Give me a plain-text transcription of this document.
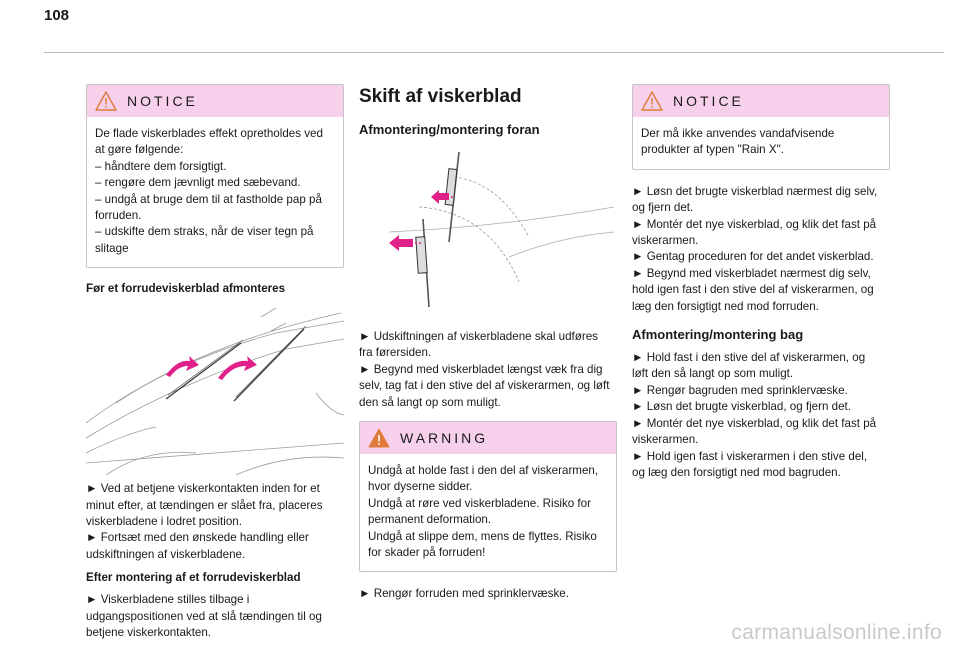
108
NOTICE
De flade viskerblades effekt opretholdes ved
at gøre følgende:
– håndtere dem forsigtigt.
– rengøre dem jævnligt med sæbevand.
– undgå at bruge dem til at fastholde pap på
forruden.
– udskifte dem straks, når de viser tegn på
slitage
Før et forrudeviskerblad afmonteres

► Ved at betjene viskerkontakten inden for et
minut efter, at tændingen er slået fra, placeres
viskerbladene i lodret position.
► Fortsæt med den ønskede handling eller
udskiftningen af viskerbladene.

Efter montering af et forrudeviskerblad

► Viskerbladene stilles tilbage i
udgangspositionen ved at slå tændingen til og
betjene viskerkontakten.

Skift af viskerblad
Afmontering/montering foran

► Udskiftningen af viskerbladene skal udføres
fra førersiden.
► Begynd med viskerbladet længst væk fra dig
selv, tag fat i den stive del af viskerarmen, og løft
den så langt op som muligt.

WARNING
Undgå at holde fast i den del af viskerarmen,
hvor dyserne sidder.
Undgå at røre ved viskerbladene. Risiko for
permanent deformation.
Undgå at slippe dem, mens de flyttes. Risiko
for skader på forruden!

► Rengør forruden med sprinklervæske.

NOTICE
Der må ikke anvendes vandafvisende
produkter af typen "Rain X".

► Løsn det brugte viskerblad nærmest dig selv,
og fjern det.
► Montér det nye viskerblad, og klik det fast på
viskerarmen.
► Gentag proceduren for det andet viskerblad.
► Begynd med viskerbladet nærmest dig selv,
hold igen fast i den stive del af viskerarmen, og
læg den forsigtigt ned mod forruden.

Afmontering/montering bag

► Hold fast i den stive del af viskerarmen, og
løft den så langt op som muligt.
► Rengør bagruden med sprinklervæske.
► Løsn det brugte viskerblad, og fjern det.
► Montér det nye viskerblad, og klik det fast på
viskerarmen.
► Hold igen fast i viskerarmen i den stive del,
og læg den forsigtigt ned mod bagruden.

carmanualsonline.info
